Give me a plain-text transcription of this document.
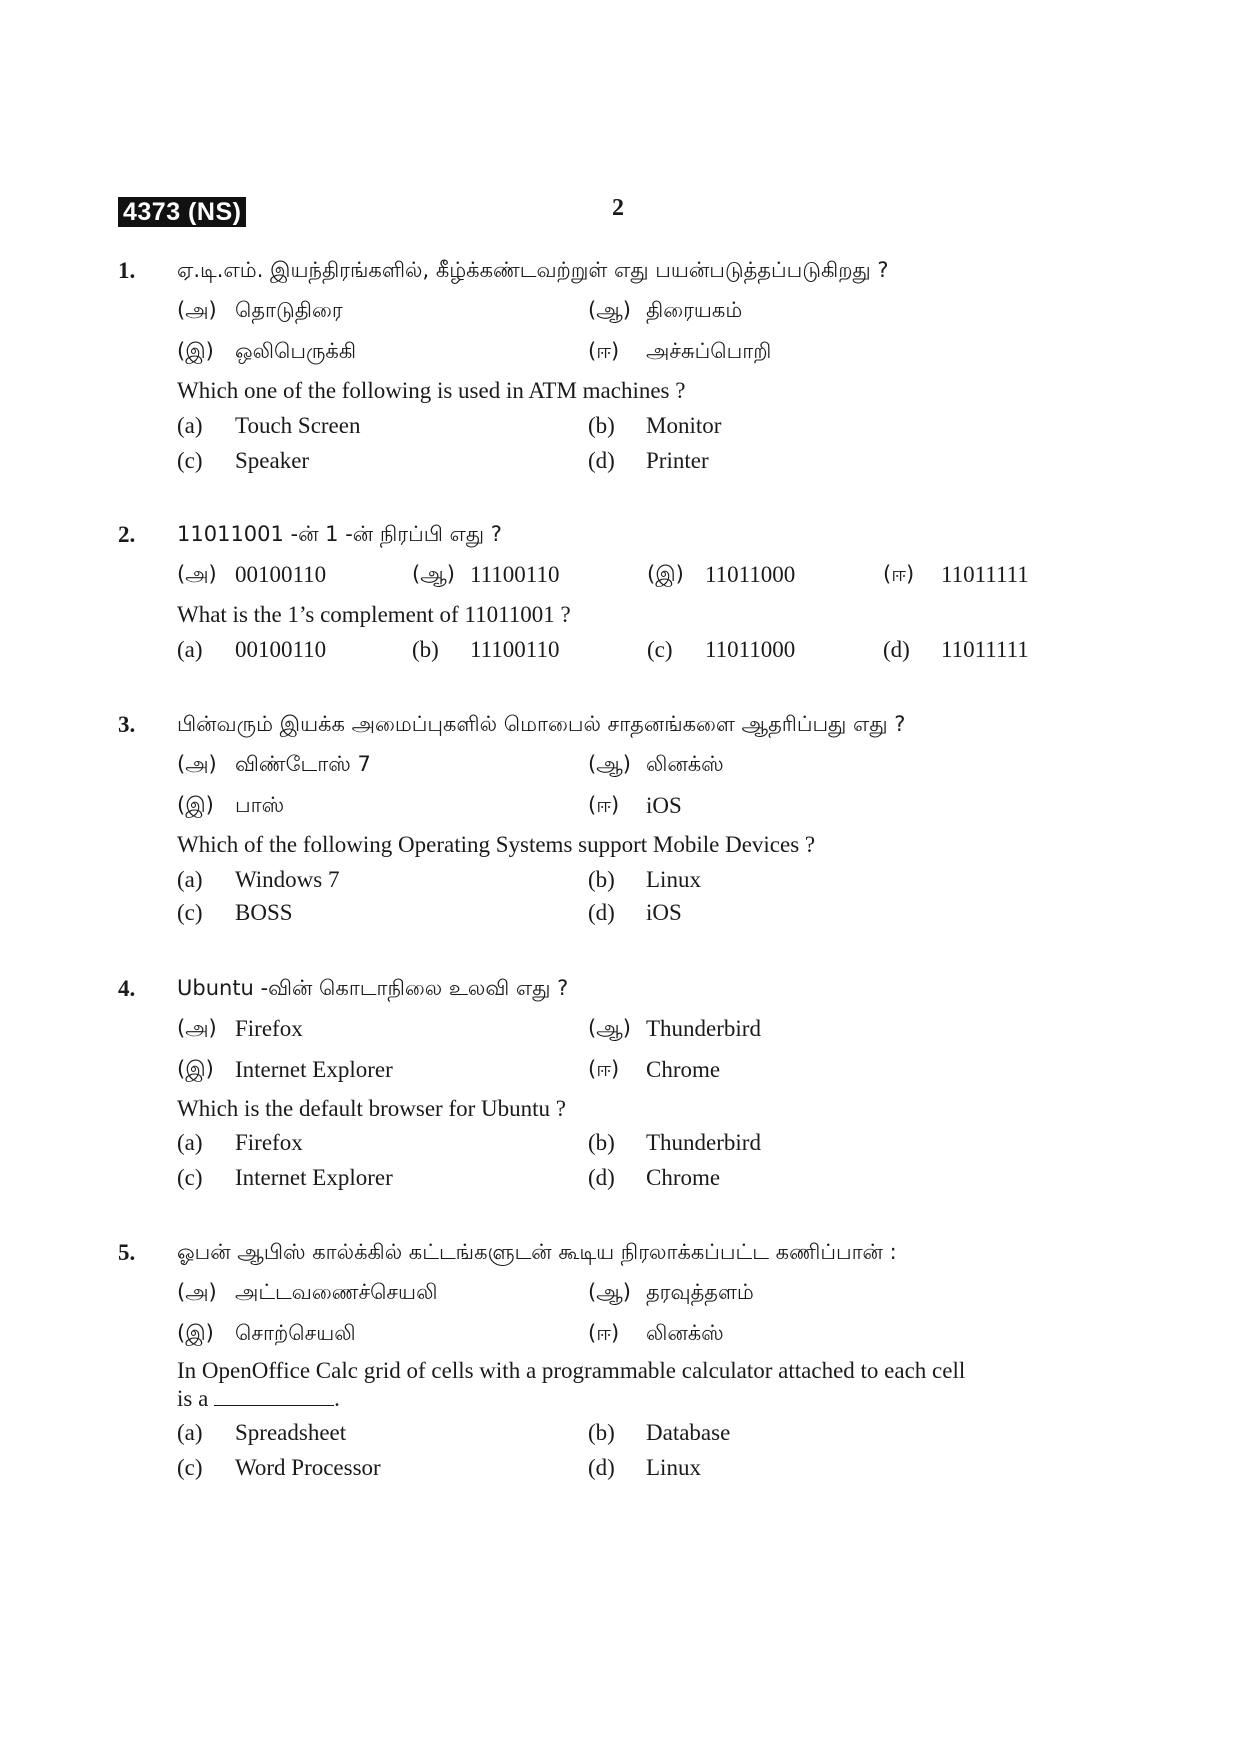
4373 (NS)	2
1. ஏ.டி.எம். இயந்திரங்களில், கீழ்க்கண்டவற்றுள் எது பயன்படுத்தப்படுகிறது ?
(அ) தொடுதிரை	(ஆ) திரையகம்
(இ) ஒலிபெருக்கி	(ஈ) அச்சுப்பொறி
Which one of the following is used in ATM machines ?
(a) Touch Screen	(b) Monitor
(c) Speaker	(d) Printer
2. 11011001 -ன் 1 -ன் நிரப்பி எது ?
(அ) 00100110	(ஆ) 11100110	(இ) 11011000	(ஈ) 11011111
What is the 1’s complement of 11011001 ?
(a) 00100110	(b) 11100110	(c) 11011000	(d) 11011111
3. பின்வரும் இயக்க அமைப்புகளில் மொபைல் சாதனங்களை ஆதரிப்பது எது ?
(அ) விண்டோஸ் 7	(ஆ) லினக்ஸ்
(இ) பாஸ்	(ஈ) iOS
Which of the following Operating Systems support Mobile Devices ?
(a) Windows 7	(b) Linux
(c) BOSS	(d) iOS
4. Ubuntu -வின் கொடாநிலை உலவி எது ?
(அ) Firefox	(ஆ) Thunderbird
(இ) Internet Explorer	(ஈ) Chrome
Which is the default browser for Ubuntu ?
(a) Firefox	(b) Thunderbird
(c) Internet Explorer	(d) Chrome
5. ஓபன் ஆபிஸ் கால்க்கில் கட்டங்களுடன் கூடிய நிரலாக்கப்பட்ட கணிப்பான் :
(அ) அட்டவணைச்செயலி	(ஆ) தரவுத்தளம்
(இ) சொற்செயலி	(ஈ) லினக்ஸ்
In OpenOffice Calc grid of cells with a programmable calculator attached to each cell
is a	.
(a) Spreadsheet	(b) Database
(c) Word Processor	(d) Linux
